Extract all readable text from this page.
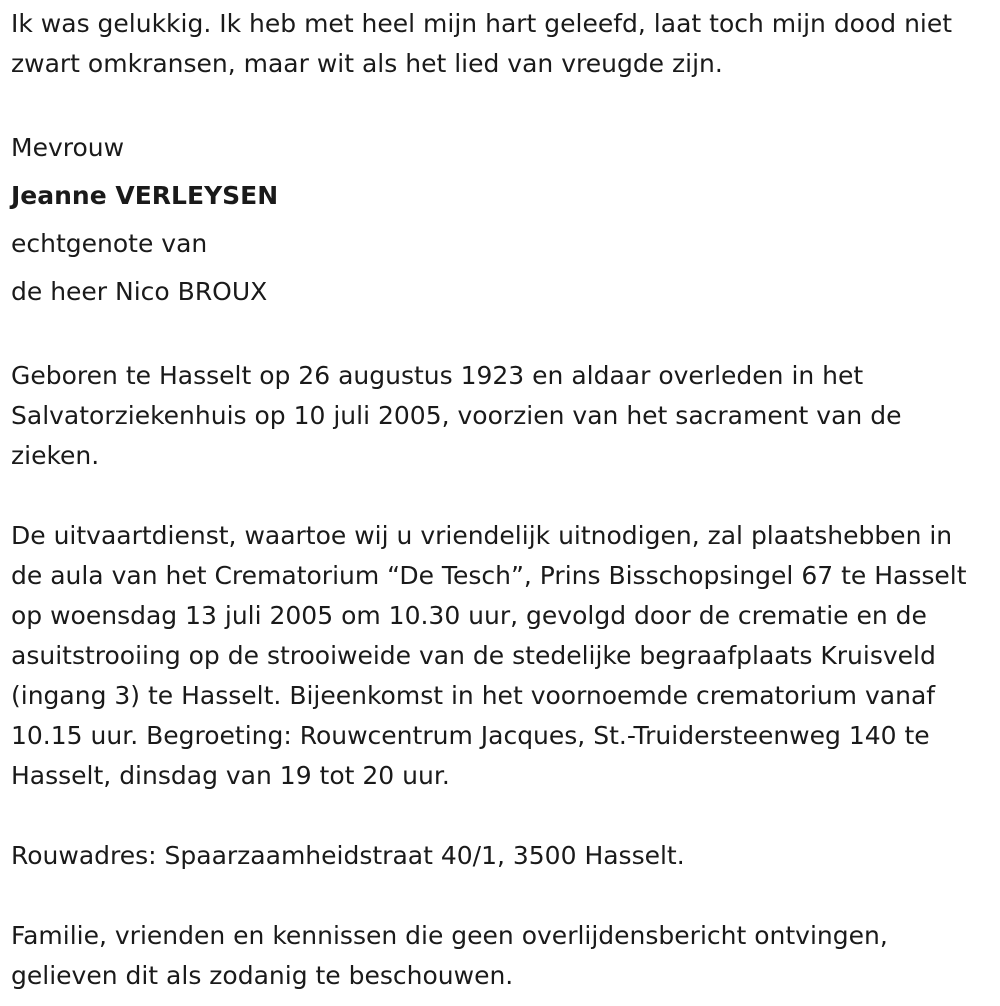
Ik was gelukkig. Ik heb met heel mijn hart geleefd, laat toch mijn dood niet zwart omkransen, maar wit als het lied van vreugde zijn.

Mevrouw

Jeanne VERLEYSEN

echtgenote van

de heer Nico BROUX

Geboren te Hasselt op 26 augustus 1923 en aldaar overleden in het Salvatorziekenhuis op 10 juli 2005, voorzien van het sacrament van de zieken.

De uitvaartdienst, waartoe wij u vriendelijk uitnodigen, zal plaatshebben in de aula van het Crematorium “De Tesch”, Prins Bisschopsingel 67 te Hasselt op woensdag 13 juli 2005 om 10.30 uur, gevolgd door de crematie en de asuitstrooiing op de strooiweide van de stedelijke begraafplaats Kruisveld (ingang 3) te Hasselt. Bijeenkomst in het voornoemde crematorium vanaf 10.15 uur. Begroeting: Rouwcentrum Jacques, St.-Truidersteenweg 140 te Hasselt, dinsdag van 19 tot 20 uur.

Rouwadres: Spaarzaamheidstraat 40/1, 3500 Hasselt.

Familie, vrienden en kennissen die geen overlijdensbericht ontvingen, gelieven dit als zodanig te beschouwen.
